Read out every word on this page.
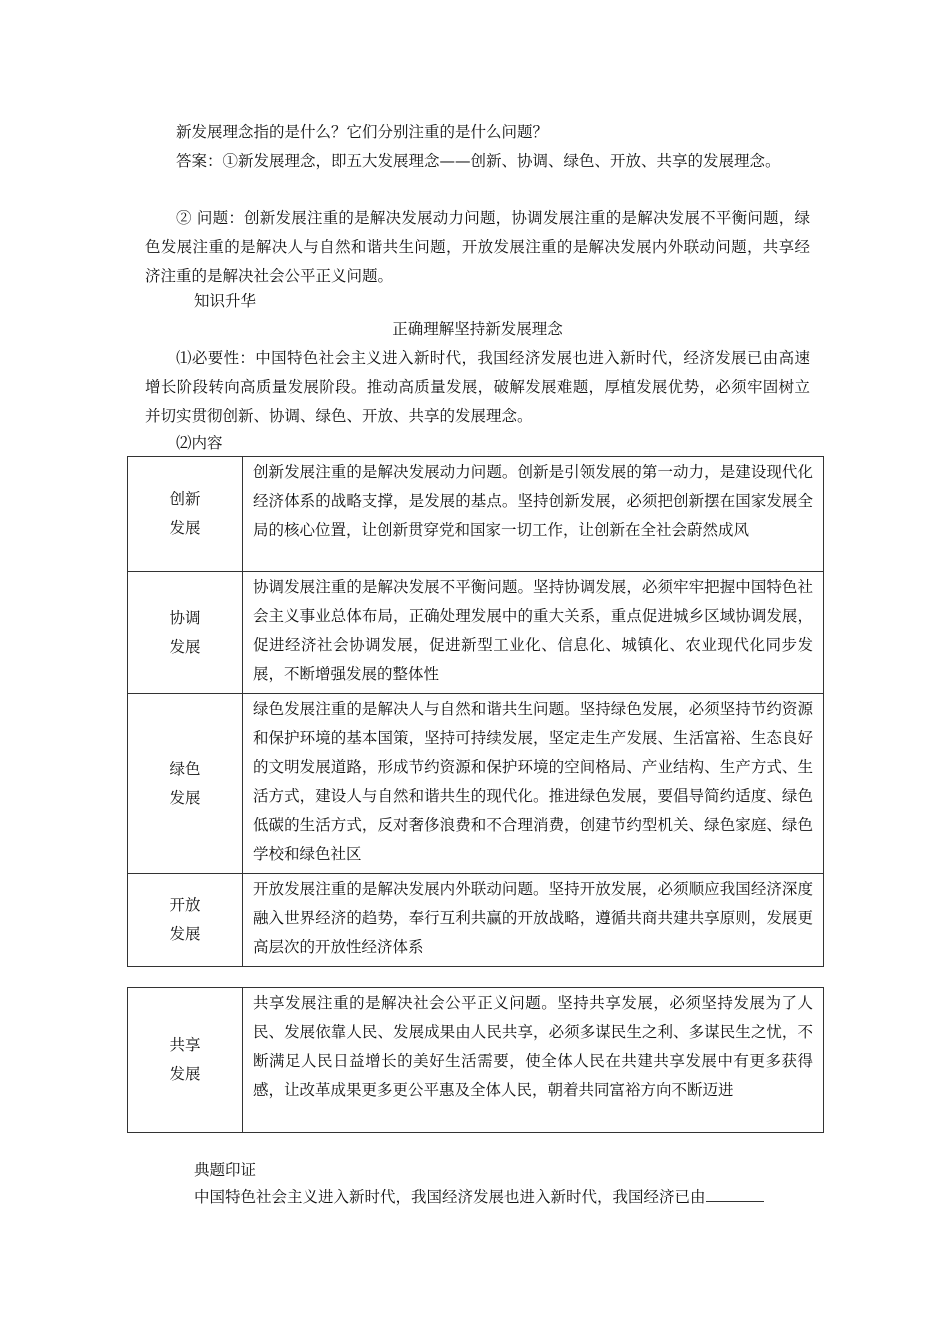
新发展理念指的是什么？它们分别注重的是什么问题？
答案：①新发展理念，即五大发展理念——创新、协调、绿色、开放、共享的发展理念。
② 问题：创新发展注重的是解决发展动力问题，协调发展注重的是解决发展不平衡问题，绿色发展注重的是解决人与自然和谐共生问题，开放发展注重的是解决发展内外联动问题，共享经济注重的是解决社会公平正义问题。
知识升华
正确理解坚持新发展理念
⑴必要性：中国特色社会主义进入新时代，我国经济发展也进入新时代，经济发展已由高速增长阶段转向高质量发展阶段。推动高质量发展，破解发展难题，厚植发展优势，必须牢固树立并切实贯彻创新、协调、绿色、开放、共享的发展理念。
⑵内容
创新
发展	创新发展注重的是解决发展动力问题。创新是引领发展的第一动力，是建设现代化经济体系的战略支撑，是发展的基点。坚持创新发展，必须把创新摆在国家发展全局的核心位置，让创新贯穿党和国家一切工作，让创新在全社会蔚然成风

协调
发展	协调发展注重的是解决发展不平衡问题。坚持协调发展，必须牢牢把握中国特色社会主义事业总体布局，正确处理发展中的重大关系，重点促进城乡区域协调发展，促进经济社会协调发展，促进新型工业化、信息化、城镇化、农业现代化同步发展，不断增强发展的整体性

绿色
发展	绿色发展注重的是解决人与自然和谐共生问题。坚持绿色发展，必须坚持节约资源和保护环境的基本国策，坚持可持续发展，坚定走生产发展、生活富裕、生态良好的文明发展道路，形成节约资源和保护环境的空间格局、产业结构、生产方式、生活方式，建设人与自然和谐共生的现代化。推进绿色发展，要倡导简约适度、绿色低碳的生活方式，反对奢侈浪费和不合理消费，创建节约型机关、绿色家庭、绿色学校和绿色社区

开放
发展	开放发展注重的是解决发展内外联动问题。坚持开放发展，必须顺应我国经济深度融入世界经济的趋势，奉行互利共赢的开放战略，遵循共商共建共享原则，发展更高层次的开放性经济体系
共享
发展
	共享发展注重的是解决社会公平正义问题。坚持共享发展，必须坚持发展为了人民、发展依靠人民、发展成果由人民共享，必须多谋民生之利、多谋民生之忧，不断满足人民日益增长的美好生活需要，使全体人民在共建共享发展中有更多获得感，让改革成果更多更公平惠及全体人民，朝着共同富裕方向不断迈进
典题印证
中国特色社会主义进入新时代，我国经济发展也进入新时代，我国经济已由
